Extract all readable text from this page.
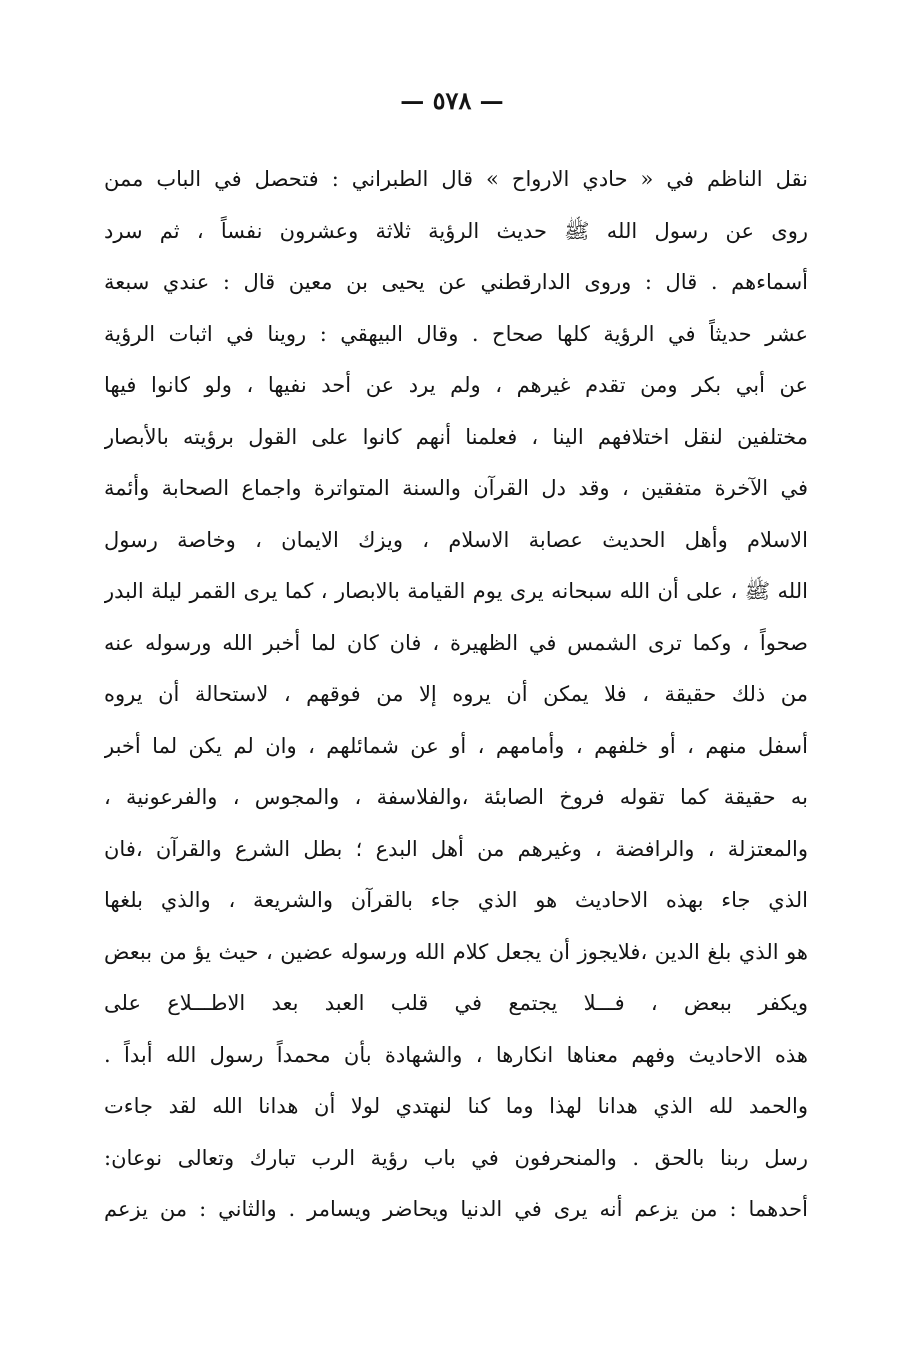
— ٥٧٨ —
نقل الناظم في « حادي الارواح » قال الطبراني : فتحصل في الباب ممن
روى عن رسول الله ﷺ حديث الرؤية ثلاثة وعشرون نفساً ، ثم سرد
أسماءهم . قال : وروى الدارقطني عن يحيى بن معين قال : عندي سبعة
عشر حديثاً في الرؤية كلها صحاح . وقال البيهقي : روينا في اثبات الرؤية
عن أبي بكر ومن تقدم غيرهم ، ولم يرد عن أحد نفيها ، ولو كانوا فيها
مختلفين لنقل اختلافهم الينا ، فعلمنا أنهم كانوا على القول برؤيته بالأبصار
في الآخرة متفقين ، وقد دل القرآن والسنة المتواترة واجماع الصحابة وأئمة
الاسلام وأهل الحديث عصابة الاسلام ، ويزك الايمان ، وخاصة رسول
الله ﷺ ، على أن الله سبحانه يرى يوم القيامة بالابصار ، كما يرى القمر ليلة البدر
صحواً ، وكما ترى الشمس في الظهيرة ، فان كان لما أخبر الله ورسوله عنه
من ذلك حقيقة ، فلا يمكن أن يروه إلا من فوقهم ، لاستحالة أن يروه
أسفل منهم ، أو خلفهم ، وأمامهم ، أو عن شمائلهم ، وان لم يكن لما أخبر
به حقيقة كما تقوله فروخ الصابئة ،والفلاسفة ، والمجوس ، والفرعونية ،
والمعتزلة ، والرافضة ، وغيرهم من أهل البدع ؛ بطل الشرع والقرآن ،فان
الذي جاء بهذه الاحاديث هو الذي جاء بالقرآن والشريعة ، والذي بلغها
هو الذي بلغ الدين ،فلايجوز أن يجعل كلام الله ورسوله عضين ، حيث يؤ من ببعض
ويكفر ببعض ، فـــلا يجتمع في قلب العبد بعد الاطـــلاع على
هذه الاحاديث وفهم معناها انكارها ، والشهادة بأن محمداً رسول الله أبداً .
والحمد لله الذي هدانا لهذا وما كنا لنهتدي لولا أن هدانا الله لقد جاءت
رسل ربنا بالحق . والمنحرفون في باب رؤية الرب تبارك وتعالى نوعان:
أحدهما : من يزعم أنه يرى في الدنيا ويحاضر ويسامر . والثاني : من يزعم
